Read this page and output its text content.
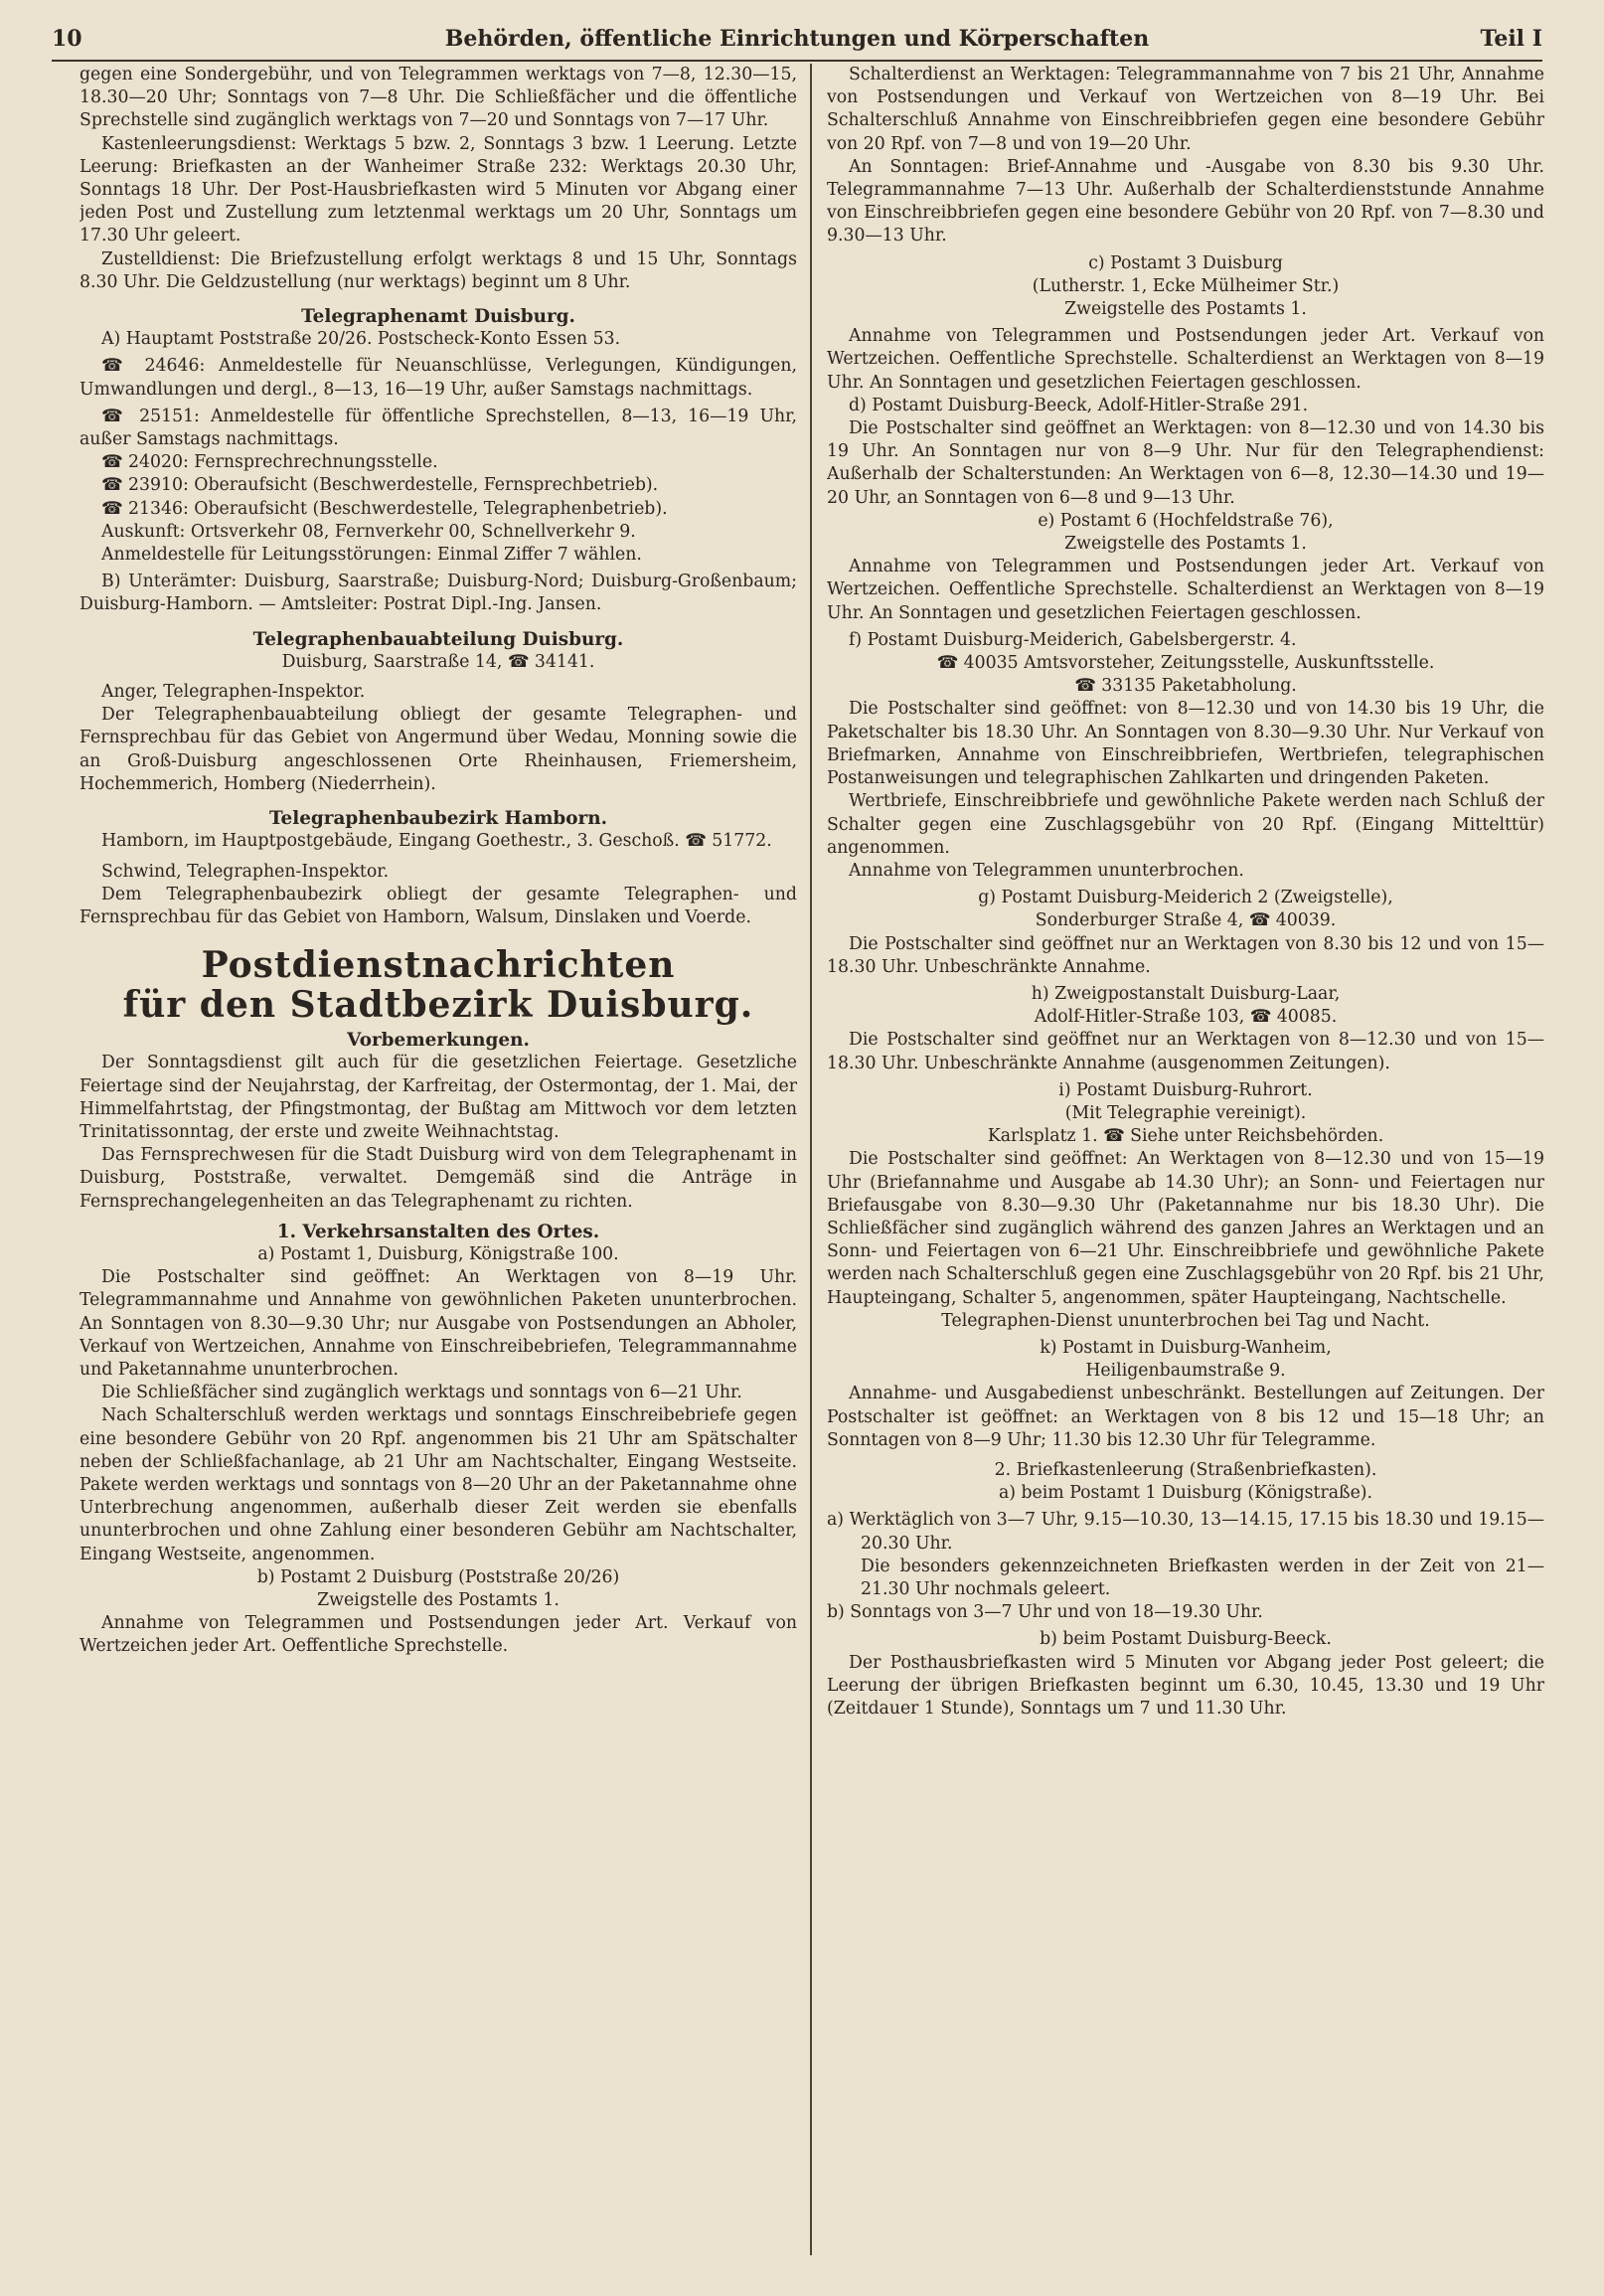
10	Behörden, öffentliche Einrichtungen und Körperschaften	Teil I

gegen eine Sondergebühr, und von Telegrammen werktags von 7—8, 12.30—15, 18.30—20 Uhr; Sonntags von 7—8 Uhr. Die Schließfächer und die öffentliche Sprechstelle sind zugänglich werktags von 7—20 und Sonntags von 7—17 Uhr.

Kastenleerungsdienst: Werktags 5 bzw. 2, Sonntags 3 bzw. 1 Leerung. Letzte Leerung: Briefkasten an der Wanheimer Straße 232: Werktags 20.30 Uhr, Sonntags 18 Uhr. Der Post-Hausbriefkasten wird 5 Minuten vor Abgang einer jeden Post und Zustellung zum letztenmal werktags um 20 Uhr, Sonntags um 17.30 Uhr geleert.

Zustelldienst: Die Briefzustellung erfolgt werktags 8 und 15 Uhr, Sonntags 8.30 Uhr. Die Geldzustellung (nur werktags) beginnt um 8 Uhr.

Telegraphenamt Duisburg.

A) Hauptamt Poststraße 20/26. Postscheck-Konto Essen 53.

☎ 24646: Anmeldestelle für Neuanschlüsse, Verlegungen, Kündigungen, Umwandlungen und dergl., 8—13, 16—19 Uhr, außer Samstags nachmittags.

☎ 25151: Anmeldestelle für öffentliche Sprechstellen, 8—13, 16—19 Uhr, außer Samstags nachmittags.

☎ 24020: Fernsprechrechnungsstelle.

☎ 23910: Oberaufsicht (Beschwerdestelle, Fernsprechbetrieb).

☎ 21346: Oberaufsicht (Beschwerdestelle, Telegraphenbetrieb).

Auskunft: Ortsverkehr 08, Fernverkehr 00, Schnellverkehr 9.

Anmeldestelle für Leitungsstörungen: Einmal Ziffer 7 wählen.

B) Unterämter: Duisburg, Saarstraße; Duisburg-Nord; Duisburg-Großenbaum; Duisburg-Hamborn. — Amtsleiter: Postrat Dipl.-Ing. Jansen.

Telegraphenbauabteilung Duisburg.

Duisburg, Saarstraße 14, ☎ 34141.

Anger, Telegraphen-Inspektor.

Der Telegraphenbauabteilung obliegt der gesamte Telegraphen- und Fernsprechbau für das Gebiet von Angermund über Wedau, Monning sowie die an Groß-Duisburg angeschlossenen Orte Rheinhausen, Friemersheim, Hochemmerich, Homberg (Niederrhein).

Telegraphenbaubezirk Hamborn.

Hamborn, im Hauptpostgebäude, Eingang Goethestr., 3. Geschoß. ☎ 51772.

Schwind, Telegraphen-Inspektor.

Dem Telegraphenbaubezirk obliegt der gesamte Telegraphen- und Fernsprechbau für das Gebiet von Hamborn, Walsum, Dinslaken und Voerde.

Postdienstnachrichten

für den Stadtbezirk Duisburg.

Vorbemerkungen.

Der Sonntagsdienst gilt auch für die gesetzlichen Feiertage. Gesetzliche Feiertage sind der Neujahrstag, der Karfreitag, der Ostermontag, der 1. Mai, der Himmelfahrtstag, der Pfingstmontag, der Bußtag am Mittwoch vor dem letzten Trinitatissonntag, der erste und zweite Weihnachtstag.

Das Fernsprechwesen für die Stadt Duisburg wird von dem Telegraphenamt in Duisburg, Poststraße, verwaltet. Demgemäß sind die Anträge in Fernsprechangelegenheiten an das Telegraphenamt zu richten.

1. Verkehrsanstalten des Ortes.

a) Postamt 1, Duisburg, Königstraße 100.

Die Postschalter sind geöffnet: An Werktagen von 8—19 Uhr. Telegrammannahme und Annahme von gewöhnlichen Paketen ununterbrochen. An Sonntagen von 8.30—9.30 Uhr; nur Ausgabe von Postsendungen an Abholer, Verkauf von Wertzeichen, Annahme von Einschreibebriefen, Telegrammannahme und Paketannahme ununterbrochen.

Die Schließfächer sind zugänglich werktags und sonntags von 6—21 Uhr.

Nach Schalterschluß werden werktags und sonntags Einschreibebriefe gegen eine besondere Gebühr von 20 Rpf. angenommen bis 21 Uhr am Spätschalter neben der Schließfachanlage, ab 21 Uhr am Nachtschalter, Eingang Westseite. Pakete werden werktags und sonntags von 8—20 Uhr an der Paketannahme ohne Unterbrechung angenommen, außerhalb dieser Zeit werden sie ebenfalls ununterbrochen und ohne Zahlung einer besonderen Gebühr am Nachtschalter, Eingang Westseite, angenommen.

b) Postamt 2 Duisburg (Poststraße 20/26)

Zweigstelle des Postamts 1.

Annahme von Telegrammen und Postsendungen jeder Art. Verkauf von Wertzeichen jeder Art. Oeffentliche Sprechstelle.

Schalterdienst an Werktagen: Telegrammannahme von 7 bis 21 Uhr, Annahme von Postsendungen und Verkauf von Wertzeichen von 8—19 Uhr. Bei Schalterschluß Annahme von Einschreibbriefen gegen eine besondere Gebühr von 20 Rpf. von 7—8 und von 19—20 Uhr.

An Sonntagen: Brief-Annahme und -Ausgabe von 8.30 bis 9.30 Uhr. Telegrammannahme 7—13 Uhr. Außerhalb der Schalterdienststunde Annahme von Einschreibbriefen gegen eine besondere Gebühr von 20 Rpf. von 7—8.30 und 9.30—13 Uhr.

c) Postamt 3 Duisburg

(Lutherstr. 1, Ecke Mülheimer Str.)

Zweigstelle des Postamts 1.

Annahme von Telegrammen und Postsendungen jeder Art. Verkauf von Wertzeichen. Oeffentliche Sprechstelle. Schalterdienst an Werktagen von 8—19 Uhr. An Sonntagen und gesetzlichen Feiertagen geschlossen.

d) Postamt Duisburg-Beeck, Adolf-Hitler-Straße 291.

Die Postschalter sind geöffnet an Werktagen: von 8—12.30 und von 14.30 bis 19 Uhr. An Sonntagen nur von 8—9 Uhr. Nur für den Telegraphendienst: Außerhalb der Schalterstunden: An Werktagen von 6—8, 12.30—14.30 und 19—20 Uhr, an Sonntagen von 6—8 und 9—13 Uhr.

e) Postamt 6 (Hochfeldstraße 76),

Zweigstelle des Postamts 1.

Annahme von Telegrammen und Postsendungen jeder Art. Verkauf von Wertzeichen. Oeffentliche Sprechstelle. Schalterdienst an Werktagen von 8—19 Uhr. An Sonntagen und gesetzlichen Feiertagen geschlossen.

f) Postamt Duisburg-Meiderich, Gabelsbergerstr. 4.

☎ 40035 Amtsvorsteher, Zeitungsstelle, Auskunftsstelle.

☎ 33135 Paketabholung.

Die Postschalter sind geöffnet: von 8—12.30 und von 14.30 bis 19 Uhr, die Paketschalter bis 18.30 Uhr. An Sonntagen von 8.30—9.30 Uhr. Nur Verkauf von Briefmarken, Annahme von Einschreibbriefen, Wertbriefen, telegraphischen Postanweisungen und telegraphischen Zahlkarten und dringenden Paketen.

Wertbriefe, Einschreibbriefe und gewöhnliche Pakete werden nach Schluß der Schalter gegen eine Zuschlagsgebühr von 20 Rpf. (Eingang Mittelttür) angenommen.

Annahme von Telegrammen ununterbrochen.

g) Postamt Duisburg-Meiderich 2 (Zweigstelle),

Sonderburger Straße 4, ☎ 40039.

Die Postschalter sind geöffnet nur an Werktagen von 8.30 bis 12 und von 15—18.30 Uhr. Unbeschränkte Annahme.

h) Zweigpostanstalt Duisburg-Laar,

Adolf-Hitler-Straße 103, ☎ 40085.

Die Postschalter sind geöffnet nur an Werktagen von 8—12.30 und von 15—18.30 Uhr. Unbeschränkte Annahme (ausgenommen Zeitungen).

i) Postamt Duisburg-Ruhrort.

(Mit Telegraphie vereinigt).

Karlsplatz 1. ☎ Siehe unter Reichsbehörden.

Die Postschalter sind geöffnet: An Werktagen von 8—12.30 und von 15—19 Uhr (Briefannahme und Ausgabe ab 14.30 Uhr); an Sonn- und Feiertagen nur Briefausgabe von 8.30—9.30 Uhr (Paketannahme nur bis 18.30 Uhr). Die Schließfächer sind zugänglich während des ganzen Jahres an Werktagen und an Sonn- und Feiertagen von 6—21 Uhr. Einschreibbriefe und gewöhnliche Pakete werden nach Schalterschluß gegen eine Zuschlagsgebühr von 20 Rpf. bis 21 Uhr, Haupteingang, Schalter 5, angenommen, später Haupteingang, Nachtschelle.

Telegraphen-Dienst ununterbrochen bei Tag und Nacht.

k) Postamt in Duisburg-Wanheim,

Heiligenbaumstraße 9.

Annahme- und Ausgabedienst unbeschränkt. Bestellungen auf Zeitungen. Der Postschalter ist geöffnet: an Werktagen von 8 bis 12 und 15—18 Uhr; an Sonntagen von 8—9 Uhr; 11.30 bis 12.30 Uhr für Telegramme.

2. Briefkastenleerung (Straßenbriefkasten).

a) beim Postamt 1 Duisburg (Königstraße).

a) Werktäglich von 3—7 Uhr, 9.15—10.30, 13—14.15, 17.15 bis 18.30 und 19.15—20.30 Uhr.

Die besonders gekennzeichneten Briefkasten werden in der Zeit von 21—21.30 Uhr nochmals geleert.

b) Sonntags von 3—7 Uhr und von 18—19.30 Uhr.

b) beim Postamt Duisburg-Beeck.

Der Posthausbriefkasten wird 5 Minuten vor Abgang jeder Post geleert; die Leerung der übrigen Briefkasten beginnt um 6.30, 10.45, 13.30 und 19 Uhr (Zeitdauer 1 Stunde), Sonntags um 7 und 11.30 Uhr.
